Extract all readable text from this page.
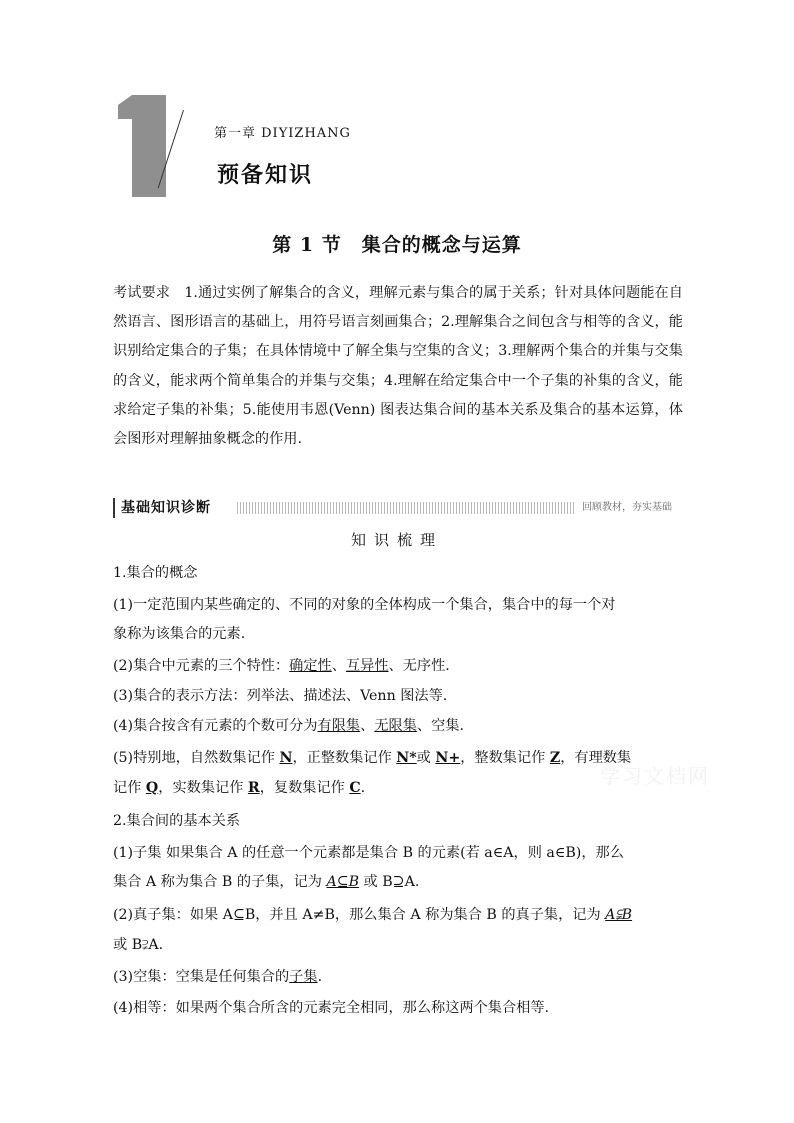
第一章 DIYIZHANG
预备知识
第 1 节　集合的概念与运算
考试要求　1.通过实例了解集合的含义，理解元素与集合的属于关系；针对具体问题能在自然语言、图形语言的基础上，用符号语言刻画集合；2.理解集合之间包含与相等的含义，能识别给定集合的子集；在具体情境中了解全集与空集的含义；3.理解两个集合的并集与交集的含义，能求两个简单集合的并集与交集；4.理解在给定集合中一个子集的补集的含义，能求给定子集的补集；5.能使用韦恩(Venn) 图表达集合间的基本关系及集合的基本运算，体会图形对理解抽象概念的作用.
基础知识诊断	回顾教材，夯实基础
知识梳理
1.集合的概念
(1)一定范围内某些确定的、不同的对象的全体构成一个集合，集合中的每一个对
象称为该集合的元素.
(2)集合中元素的三个特性：确定性、互异性、无序性.
(3)集合的表示方法：列举法、描述法、Venn 图法等.
(4)集合按含有元素的个数可分为有限集、无限集、空集.
(5)特别地，自然数集记作 N，正整数集记作 N*或 N+，整数集记作 Z，有理数集
记作 Q，实数集记作 R，复数集记作 C.	学习文档网
2.集合间的基本关系
(1)子集 如果集合 A 的任意一个元素都是集合 B 的元素(若 a∈A，则 a∈B)，那么
集合 A 称为集合 B 的子集，记为 A⊆B 或 B⊇A.
(2)真子集：如果 A⊆B，并且 A≠B，那么集合 A 称为集合 B 的真子集，记为 A⫋B
或 B⫌A.
(3)空集：空集是任何集合的子集.
(4)相等：如果两个集合所含的元素完全相同，那么称这两个集合相等.
